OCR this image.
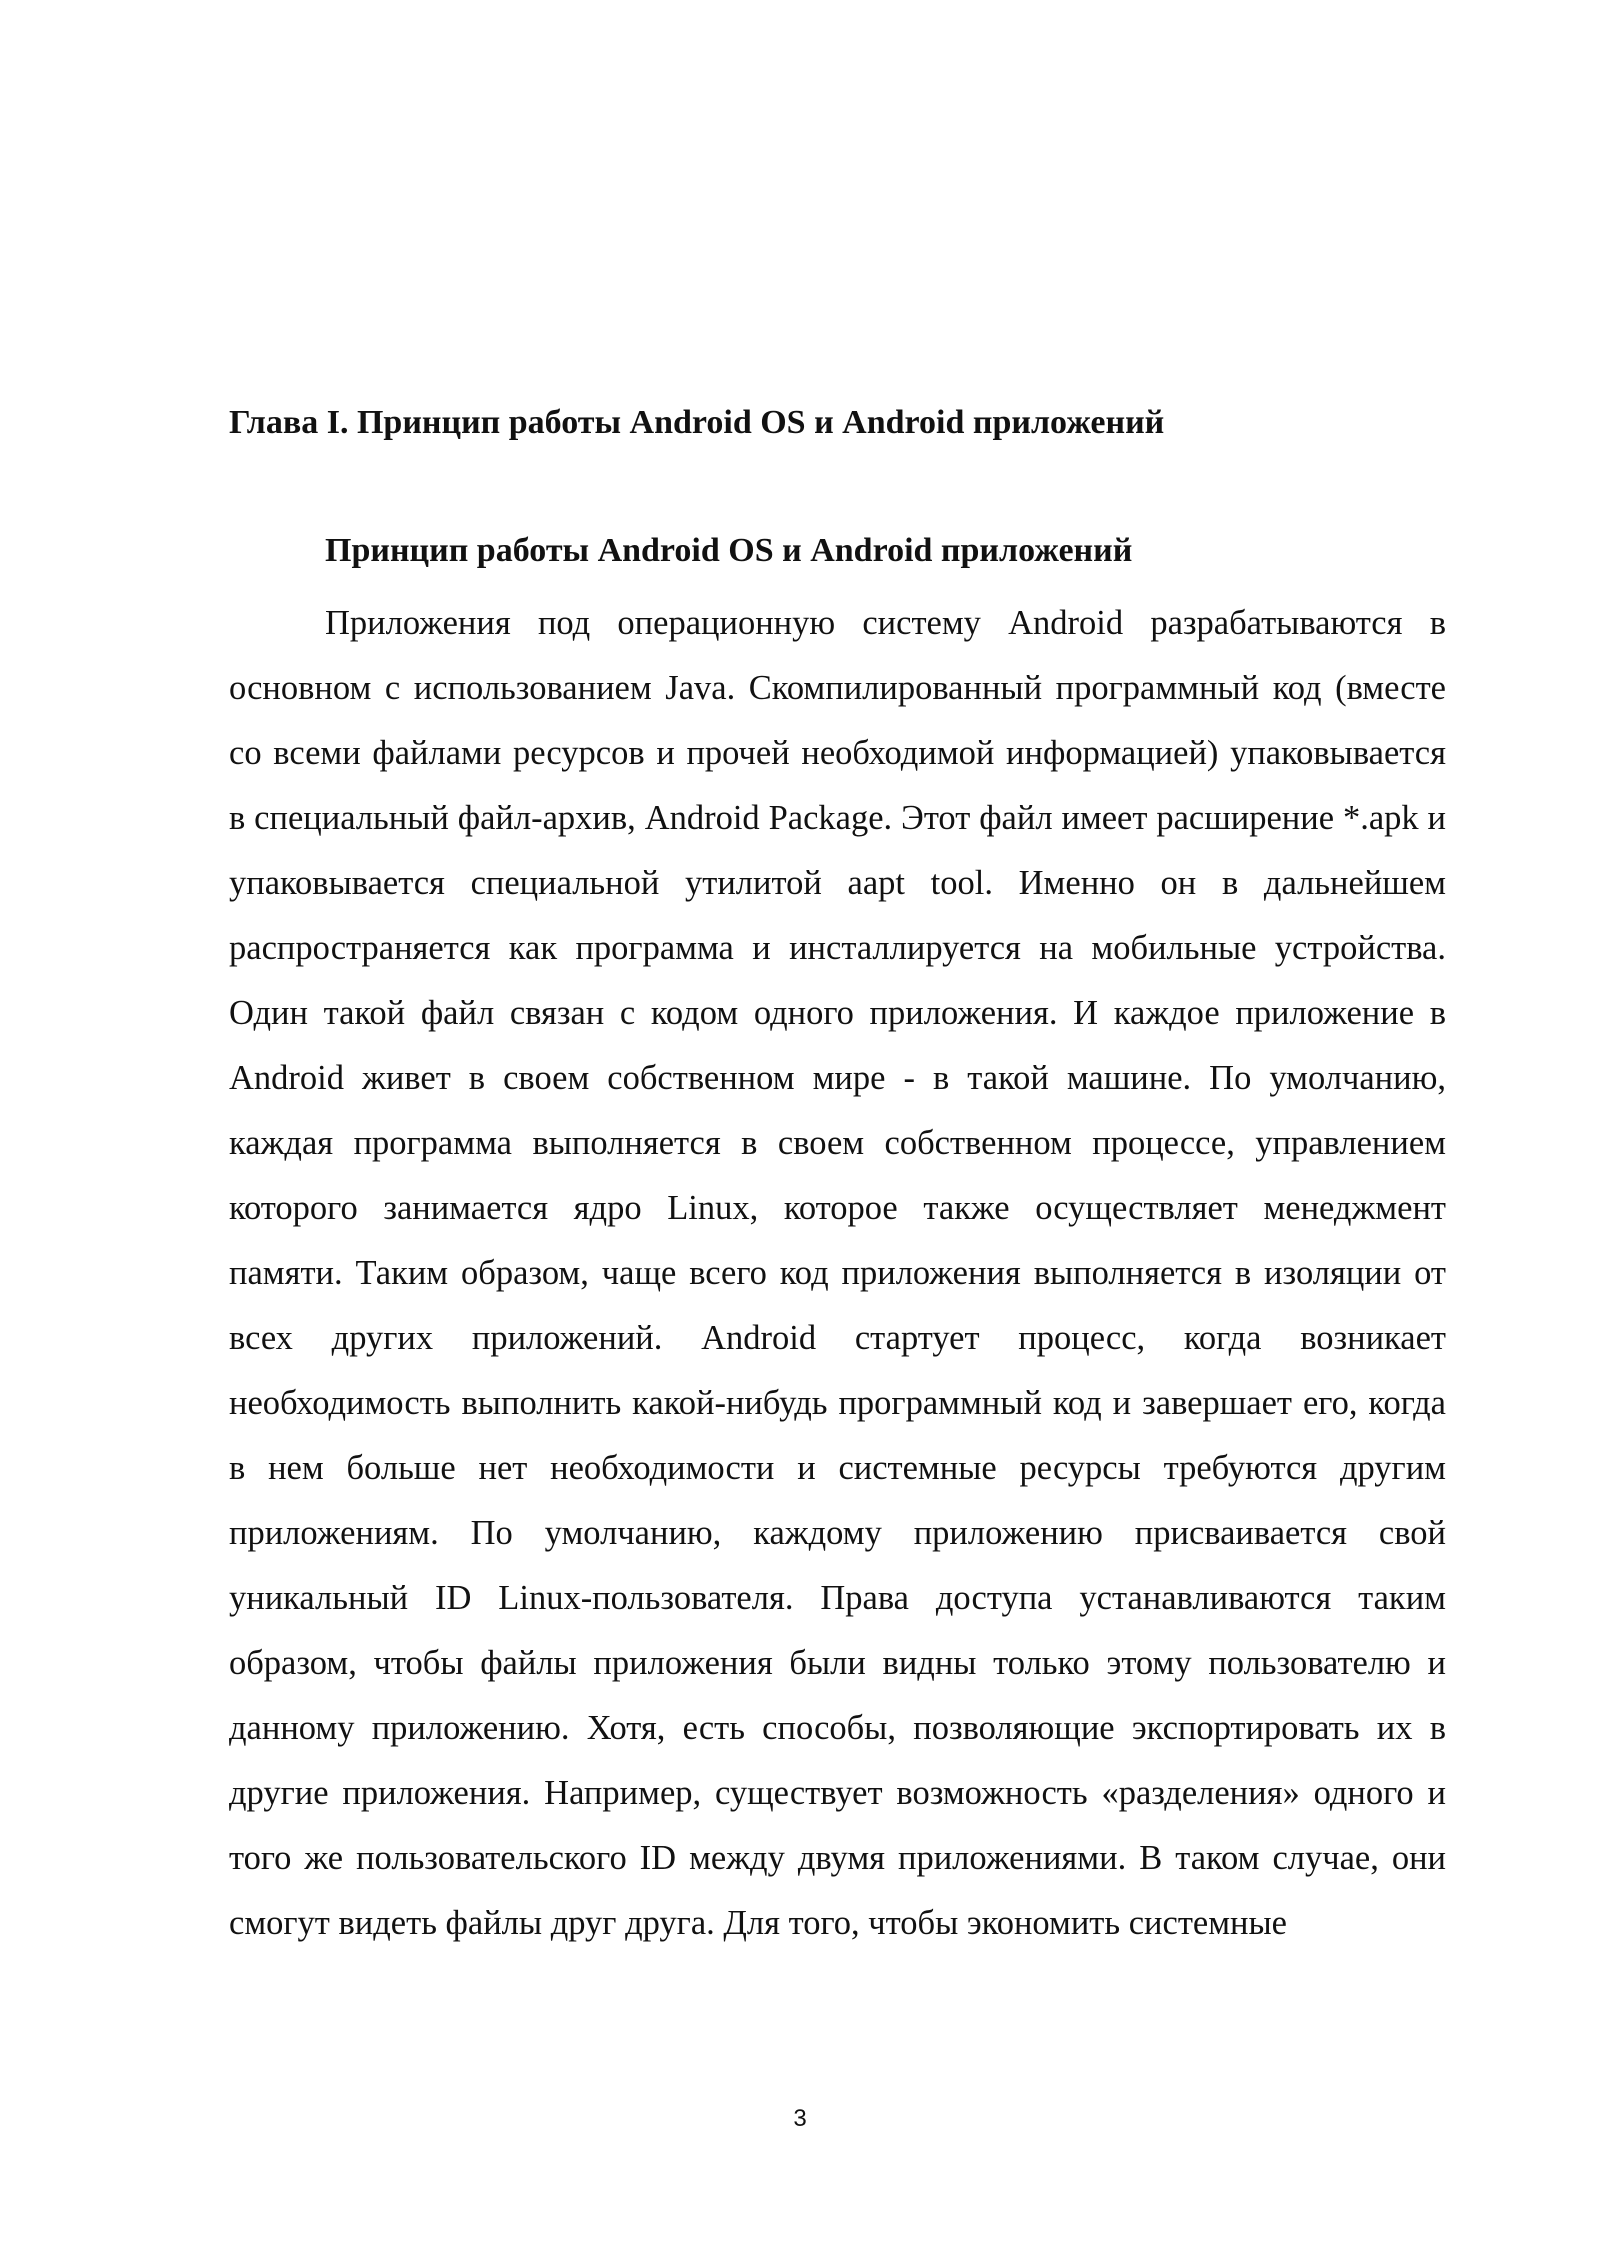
Глава I. Принцип работы Android OS и Android приложений
Принцип работы Android OS и Android приложений

Приложения под операционную систему Android разрабатываются в основном с использованием Java. Скомпилированный программный код (вместе со всеми файлами ресурсов и прочей необходимой информацией) упаковывается в специальный файл-архив, Android Package. Этот файл имеет расширение *.apk и упаковывается специальной утилитой aapt tool. Именно он в дальнейшем распространяется как программа и инсталлируется на мобильные устройства. Один такой файл связан с кодом одного приложения. И каждое приложение в Android живет в своем собственном мире - в такой машине. По умолчанию, каждая программа выполняется в своем собственном процессе, управлением которого занимается ядро Linux, которое также осуществляет менеджмент памяти. Таким образом, чаще всего код приложения выполняется в изоляции от всех других приложений. Android стартует процесс, когда возникает необходимость выполнить какой-нибудь программный код и завершает его, когда в нем больше нет необходимости и системные ресурсы требуются другим приложениям. По умолчанию, каждому приложению присваивается свой уникальный ID Linux-пользователя. Права доступа устанавливаются таким образом, чтобы файлы приложения были видны только этому пользователю и данному приложению. Хотя, есть способы, позволяющие экспортировать их в другие приложения. Например, существует возможность «разделения» одного и того же пользовательского ID между двумя приложениями. В таком случае, они смогут видеть файлы друг друга. Для того, чтобы экономить системные

3
